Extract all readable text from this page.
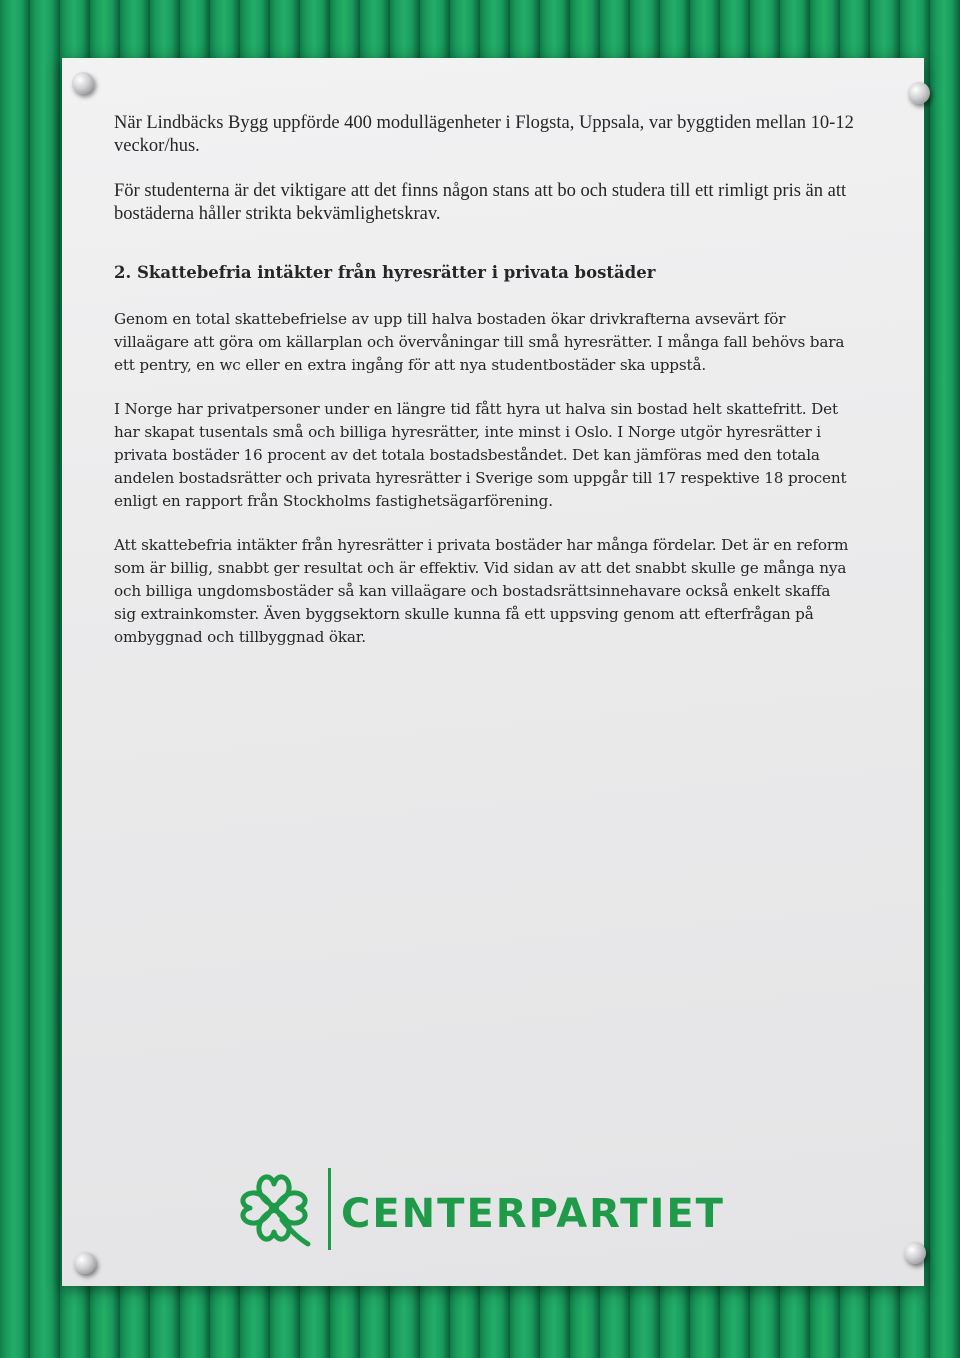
När Lindbäcks Bygg uppförde 400 modullägenheter i Flogsta, Uppsala, var byggtiden mellan 10-12 veckor/hus.

För studenterna är det viktigare att det finns någon stans att bo och studera till ett rimligt pris än att bostäderna håller strikta bekvämlighetskrav.

2. Skattebefria intäkter från hyresrätter i privata bostäder

Genom en total skattebefrielse av upp till halva bostaden ökar drivkrafterna avsevärt för villaägare att göra om källarplan och övervåningar till små hyresrätter. I många fall behövs bara ett pentry, en wc eller en extra ingång för att nya studentbostäder ska uppstå.

I Norge har privatpersoner under en längre tid fått hyra ut halva sin bostad helt skattefritt. Det har skapat tusentals små och billiga hyresrätter, inte minst i Oslo. I Norge utgör hyresrätter i privata bostäder 16 procent av det totala bostadsbeståndet. Det kan jämföras med den totala andelen bostadsrätter och privata hyresrätter i Sverige som uppgår till 17 respektive 18 procent enligt en rapport från Stockholms fastighetsägarförening.

Att skattebefria intäkter från hyresrätter i privata bostäder har många fördelar. Det är en reform som är billig, snabbt ger resultat och är effektiv. Vid sidan av att det snabbt skulle ge många nya och billiga ungdomsbostäder så kan villaägare och bostadsrättsinnehavare också enkelt skaffa sig extrainkomster. Även byggsektorn skulle kunna få ett uppsving genom att efterfrågan på ombyggnad och tillbyggnad ökar.

CENTERPARTIET
